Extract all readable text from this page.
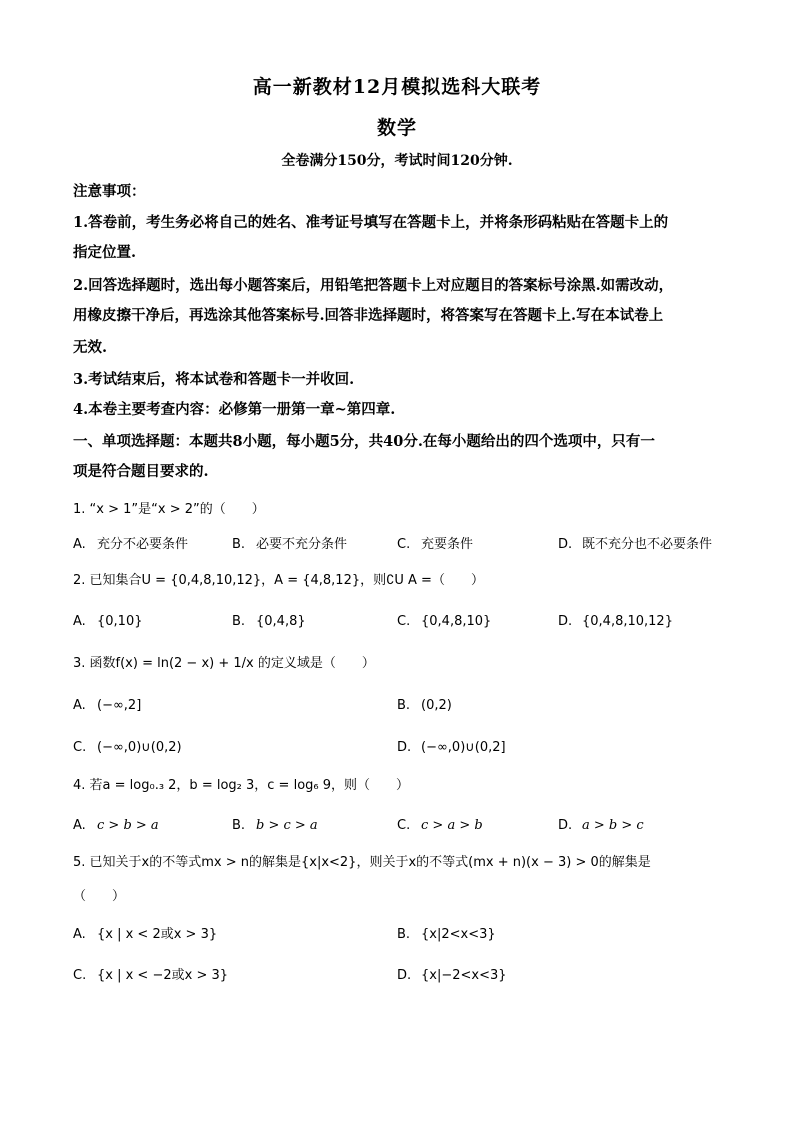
高一新教材12月模拟选科大联考
数学
全卷满分150分，考试时间120分钟.
注意事项：
1.答卷前，考生务必将自己的姓名、准考证号填写在答题卡上，并将条形码粘贴在答题卡上的
指定位置.
2.回答选择题时，选出每小题答案后，用铅笔把答题卡上对应题目的答案标号涂黑.如需改动，
用橡皮擦干净后，再选涂其他答案标号.回答非选择题时，将答案写在答题卡上.写在本试卷上
无效.
3.考试结束后，将本试卷和答题卡一并收回.
4.本卷主要考查内容：必修第一册第一章~第四章.
一、单项选择题：本题共8小题，每小题5分，共40分.在每小题给出的四个选项中，只有一
项是符合题目要求的.
1. “x > 1”是“x > 2”的（　　）
A. 充分不必要条件	B. 必要不充分条件	C. 充要条件	D. 既不充分也不必要条件
2. 已知集合U = {0,4,8,10,12}，A = {4,8,12}，则∁U A =（　　）
A. {0,10}	B. {0,4,8}	C. {0,4,8,10}	D. {0,4,8,10,12}
3. 函数f(x) = ln(2 − x) + 1/x 的定义域是（　　）
A. (−∞,2]	B. (0,2)
C. (−∞,0)∪(0,2)	D. (−∞,0)∪(0,2]
4. 若a = log₀.₃ 2，b = log₂ 3，c = log₆ 9，则（　　）
A. c > b > a	B. b > c > a	C. c > a > b	D. a > b > c
5. 已知关于x的不等式mx > n的解集是{x|x<2}，则关于x的不等式(mx + n)(x − 3) > 0的解集是
（　　）
A. {x | x < 2或x > 3}	B. {x|2<x<3}
C. {x | x < −2或x > 3}	D. {x|−2<x<3}
